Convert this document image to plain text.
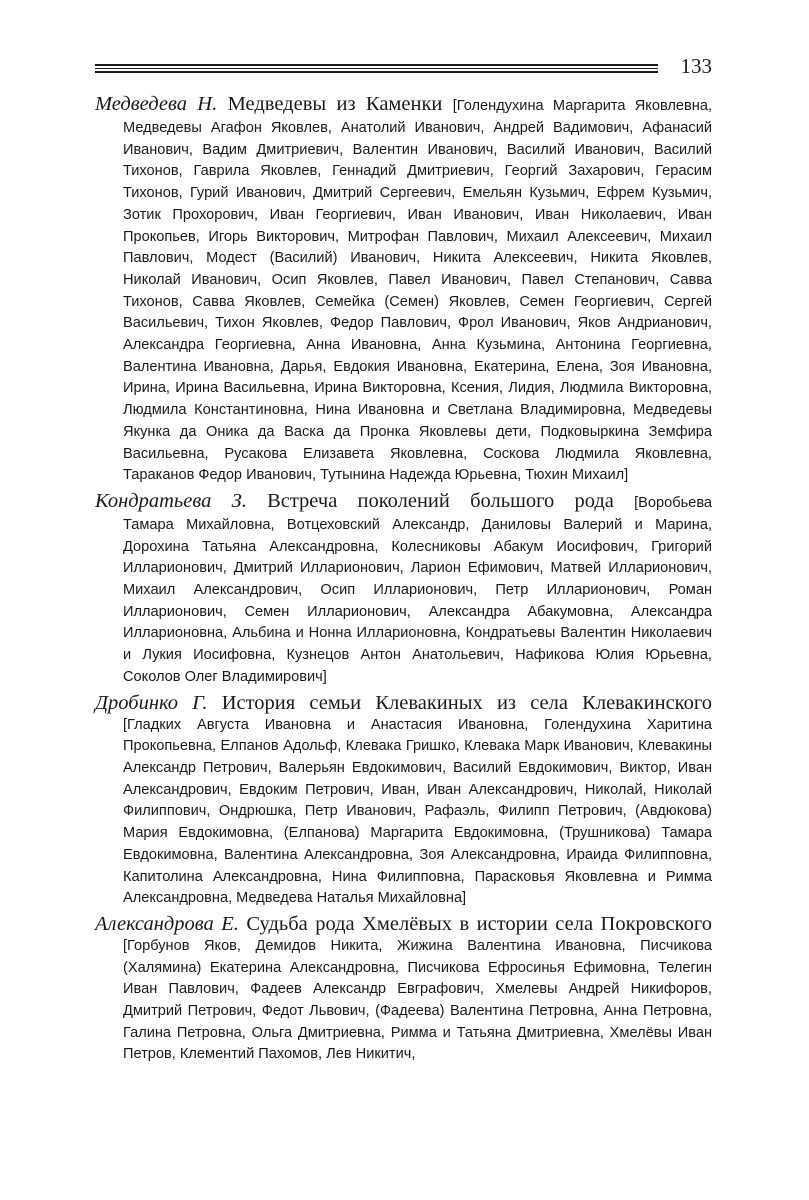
133
Медведева Н. Медведевы из Каменки [Голендухина Маргарита Яковлевна,
Медведевы Агафон Яковлев, Анатолий Иванович, Андрей Вадимович, Афанасий Иванович, Вадим Дмитриевич, Валентин Иванович, Василий Иванович, Василий Тихонов, Гаврила Яковлев, Геннадий Дмитриевич, Георгий Захарович, Герасим Тихонов, Гурий Иванович, Дмитрий Сергеевич, Емельян Кузьмич, Ефрем Кузьмич, Зотик Прохорович, Иван Георгиевич, Иван Иванович, Иван Николаевич, Иван Прокопьев, Игорь Викторович, Митрофан Павлович, Михаил Алексеевич, Михаил Павлович, Модест (Василий) Иванович, Никита Алексеевич, Никита Яковлев, Николай Иванович, Осип Яковлев, Павел Иванович, Павел Степанович, Савва Тихонов, Савва Яковлев, Семейка (Семен) Яковлев, Семен Георгиевич, Сергей Васильевич, Тихон Яковлев, Федор Павлович, Фрол Иванович, Яков Андрианович, Александра Георгиевна, Анна Ивановна, Анна Кузьмина, Антонина Георгиевна, Валентина Ивановна, Дарья, Евдокия Ивановна, Екатерина, Елена, Зоя Ивановна, Ирина, Ирина Васильевна, Ирина Викторовна, Ксения, Лидия, Людмила Викторовна, Людмила Константиновна, Нина Ивановна и Светлана Владимировна, Медведевы Якунка да Оника да Васка да Пронка Яковлевы дети, Подковыркина Земфира Васильевна, Русакова Елизавета Яковлевна, Соскова Людмила Яковлевна, Тараканов Федор Иванович, Тутынина Надежда Юрьевна, Тюхин Михаил]
Кондратьева З. Встреча поколений большого рода [Воробьева
Тамара Михайловна, Вотцеховский Александр, Даниловы Валерий и Марина, Дорохина Татьяна Александровна, Колесниковы Абакум Иосифович, Григорий Илларионович, Дмитрий Илларионович, Ларион Ефимович, Матвей Илларионович, Михаил Александрович, Осип Илларионович, Петр Илларионович, Роман Илларионович, Семен Илларионович, Александра Абакумовна, Александра Илларионовна, Альбина и Нонна Илларионовна, Кондратьевы Валентин Николаевич и Лукия Иосифовна, Кузнецов Антон Анатольевич, Нафикова Юлия Юрьевна, Соколов Олег Владимирович]
Дробинко Г. История семьи Клевакиных из села Клевакинского
[Гладких Августа Ивановна и Анастасия Ивановна, Голендухина Харитина Прокопьевна, Елпанов Адольф, Клевака Гришко, Клевака Марк Иванович, Клевакины Александр Петрович, Валерьян Евдокимович, Василий Евдокимович, Виктор, Иван Александрович, Евдоким Петрович, Иван, Иван Александрович, Николай, Николай Филиппович, Ондрюшка, Петр Иванович, Рафаэль, Филипп Петрович, (Авдюкова) Мария Евдокимовна, (Елпанова) Маргарита Евдокимовна, (Трушникова) Тамара Евдокимовна, Валентина Александровна, Зоя Александровна, Ираида Филипповна, Капитолина Александровна, Нина Филипповна, Парасковья Яковлевна и Римма Александровна, Медведева Наталья Михайловна]
Александрова Е. Судьба рода Хмелёвых в истории села Покровского
[Горбунов Яков, Демидов Никита, Жижина Валентина Ивановна, Писчикова (Халямина) Екатерина Александровна, Писчикова Ефросинья Ефимовна, Телегин Иван Павлович, Фадеев Александр Евграфович, Хмелевы Андрей Никифоров, Дмитрий Петрович, Федот Львович, (Фадеева) Валентина Петровна, Анна Петровна, Галина Петровна, Ольга Дмитриевна, Римма и Татьяна Дмитриевна, Хмелёвы Иван Петров, Клементий Пахомов, Лев Никитич,
